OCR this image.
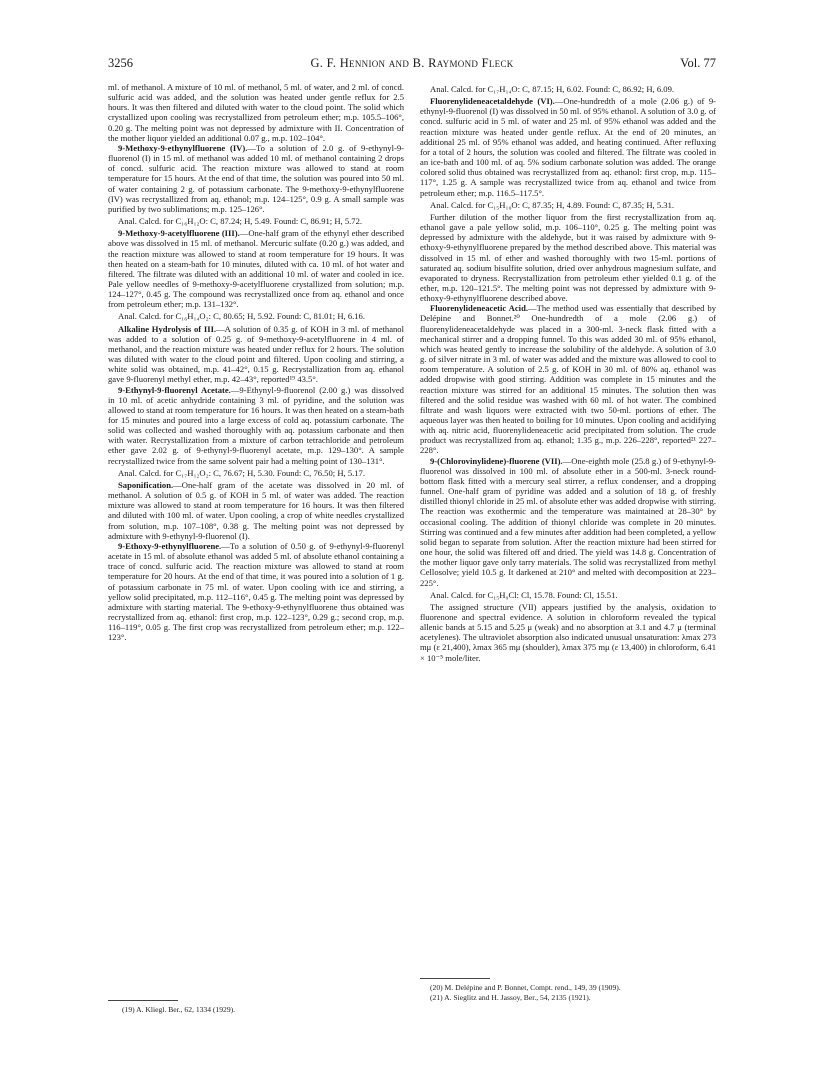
3256	G. F. Hennion and B. Raymond Fleck	Vol. 77

ml. of methanol. A mixture of 10 ml. of methanol, 5 ml. of water, and 2 ml. of concd. sulfuric acid was added, and the solution was heated under gentle reflux for 2.5 hours. It was then filtered and diluted with water to the cloud point. The solid which crystallized upon cooling was recrystallized from petroleum ether; m.p. 105.5–106°, 0.20 g. The melting point was not depressed by admixture with II. Concentration of the mother liquor yielded an additional 0.07 g., m.p. 102–104°.

9-Methoxy-9-ethynylfluorene (IV).—To a solution of 2.0 g. of 9-ethynyl-9-fluorenol (I) in 15 ml. of methanol was added 10 ml. of methanol containing 2 drops of concd. sulfuric acid. The reaction mixture was allowed to stand at room temperature for 15 hours. At the end of that time, the solution was poured into 50 ml. of water containing 2 g. of potassium carbonate. The 9-methoxy-9-ethynylfluorene (IV) was recrystallized from aq. ethanol; m.p. 124–125°, 0.9 g. A small sample was purified by two sublimations; m.p. 125–126°.

Anal. Calcd. for C₁₆H₁₂O: C, 87.24; H, 5.49. Found: C, 86.91; H, 5.72.

9-Methoxy-9-acetylfluorene (III).—One-half gram of the ethynyl ether described above was dissolved in 15 ml. of methanol. Mercuric sulfate (0.20 g.) was added, and the reaction mixture was allowed to stand at room temperature for 19 hours. It was then heated on a steam-bath for 10 minutes, diluted with ca. 10 ml. of hot water and filtered. The filtrate was diluted with an additional 10 ml. of water and cooled in ice. Pale yellow needles of 9-methoxy-9-acetylfluorene crystallized from solution; m.p. 124–127°, 0.45 g. The compound was recrystallized once from aq. ethanol and once from petroleum ether; m.p. 131–132°.

Anal. Calcd. for C₁₆H₁₄O₂: C, 80.65; H, 5.92. Found: C, 81.01; H, 6.16.

Alkaline Hydrolysis of III.—A solution of 0.35 g. of KOH in 3 ml. of methanol was added to a solution of 0.25 g. of 9-methoxy-9-acetylfluorene in 4 ml. of methanol, and the reaction mixture was heated under reflux for 2 hours. The solution was diluted with water to the cloud point and filtered. Upon cooling and stirring, a white solid was obtained, m.p. 41–42°, 0.15 g. Recrystallization from aq. ethanol gave 9-fluorenyl methyl ether, m.p. 42–43°, reported¹⁹ 43.5°.

9-Ethynyl-9-fluorenyl Acetate.—9-Ethynyl-9-fluorenol (2.00 g.) was dissolved in 10 ml. of acetic anhydride containing 3 ml. of pyridine, and the solution was allowed to stand at room temperature for 16 hours. It was then heated on a steam-bath for 15 minutes and poured into a large excess of cold aq. potassium carbonate. The solid was collected and washed thoroughly with aq. potassium carbonate and then with water. Recrystallization from a mixture of carbon tetrachloride and petroleum ether gave 2.02 g. of 9-ethynyl-9-fluorenyl acetate, m.p. 129–130°. A sample recrystallized twice from the same solvent pair had a melting point of 130–131°.

Anal. Calcd. for C₁₇H₁₂O₂: C, 76.67; H, 5.30. Found: C, 76.50; H, 5.17.

Saponification.—One-half gram of the acetate was dissolved in 20 ml. of methanol. A solution of 0.5 g. of KOH in 5 ml. of water was added. The reaction mixture was allowed to stand at room temperature for 16 hours. It was then filtered and diluted with 100 ml. of water. Upon cooling, a crop of white needles crystallized from solution, m.p. 107–108°, 0.38 g. The melting point was not depressed by admixture with 9-ethynyl-9-fluorenol (I).

9-Ethoxy-9-ethynylfluorene.—To a solution of 0.50 g. of 9-ethynyl-9-fluorenyl acetate in 15 ml. of absolute ethanol was added 5 ml. of absolute ethanol containing a trace of concd. sulfuric acid. The reaction mixture was allowed to stand at room temperature for 20 hours. At the end of that time, it was poured into a solution of 1 g. of potassium carbonate in 75 ml. of water. Upon cooling with ice and stirring, a yellow solid precipitated, m.p. 112–116°, 0.45 g. The melting point was depressed by admixture with starting material. The 9-ethoxy-9-ethynylfluorene thus obtained was recrystallized from aq. ethanol: first crop, m.p. 122–123°, 0.29 g.; second crop, m.p. 116–119°, 0.05 g. The first crop was recrystallized from petroleum ether; m.p. 122–123°.

Anal. Calcd. for C₁₇H₁₄O: C, 87.15; H, 6.02. Found: C, 86.92; H, 6.09.

Fluorenylideneacetaldehyde (VI).—One-hundredth of a mole (2.06 g.) of 9-ethynyl-9-fluorenol (I) was dissolved in 50 ml. of 95% ethanol. A solution of 3.0 g. of concd. sulfuric acid in 5 ml. of water and 25 ml. of 95% ethanol was added and the reaction mixture was heated under gentle reflux. At the end of 20 minutes, an additional 25 ml. of 95% ethanol was added, and heating continued. After refluxing for a total of 2 hours, the solution was cooled and filtered. The filtrate was cooled in an ice-bath and 100 ml. of aq. 5% sodium carbonate solution was added. The orange colored solid thus obtained was recrystallized from aq. ethanol: first crop, m.p. 115–117°, 1.25 g. A sample was recrystallized twice from aq. ethanol and twice from petroleum ether; m.p. 116.5–117.5°.

Anal. Calcd. for C₁₅H₁₀O: C, 87.35; H, 4.89. Found: C, 87.35; H, 5.31.

Further dilution of the mother liquor from the first recrystallization from aq. ethanol gave a pale yellow solid, m.p. 106–110°, 0.25 g. The melting point was depressed by admixture with the aldehyde, but it was raised by admixture with 9-ethoxy-9-ethynylfluorene prepared by the method described above. This material was dissolved in 15 ml. of ether and washed thoroughly with two 15-ml. portions of saturated aq. sodium bisulfite solution, dried over anhydrous magnesium sulfate, and evaporated to dryness. Recrystallization from petroleum ether yielded 0.1 g. of the ether, m.p. 120–121.5°. The melting point was not depressed by admixture with 9-ethoxy-9-ethynylfluorene described above.

Fluorenylideneacetic Acid.—The method used was essentially that described by Delépine and Bonnet.²⁰ One-hundredth of a mole (2.06 g.) of fluorenylideneacetaldehyde was placed in a 300-ml. 3-neck flask fitted with a mechanical stirrer and a dropping funnel. To this was added 30 ml. of 95% ethanol, which was heated gently to increase the solubility of the aldehyde. A solution of 3.0 g. of silver nitrate in 3 ml. of water was added and the mixture was allowed to cool to room temperature. A solution of 2.5 g. of KOH in 30 ml. of 80% aq. ethanol was added dropwise with good stirring. Addition was complete in 15 minutes and the reaction mixture was stirred for an additional 15 minutes. The solution then was filtered and the solid residue was washed with 60 ml. of hot water. The combined filtrate and wash liquors were extracted with two 50-ml. portions of ether. The aqueous layer was then heated to boiling for 10 minutes. Upon cooling and acidifying with aq. nitric acid, fluorenylideneacetic acid precipitated from solution. The crude product was recrystallized from aq. ethanol; 1.35 g., m.p. 226–228°, reported²¹ 227–228°.

9-(Chlorovinylidene)-fluorene (VII).—One-eighth mole (25.8 g.) of 9-ethynyl-9-fluorenol was dissolved in 100 ml. of absolute ether in a 500-ml. 3-neck round-bottom flask fitted with a mercury seal stirrer, a reflux condenser, and a dropping funnel. One-half gram of pyridine was added and a solution of 18 g. of freshly distilled thionyl chloride in 25 ml. of absolute ether was added dropwise with stirring. The reaction was exothermic and the temperature was maintained at 28–30° by occasional cooling. The addition of thionyl chloride was complete in 20 minutes. Stirring was continued and a few minutes after addition had been completed, a yellow solid began to separate from solution. After the reaction mixture had been stirred for one hour, the solid was filtered off and dried. The yield was 14.8 g. Concentration of the mother liquor gave only tarry materials. The solid was recrystallized from methyl Cellosolve; yield 10.5 g. It darkened at 210° and melted with decomposition at 223–225°.

Anal. Calcd. for C₁₅H₉Cl: Cl, 15.78. Found: Cl, 15.51.

The assigned structure (VII) appears justified by the analysis, oxidation to fluorenone and spectral evidence. A solution in chloroform revealed the typical allenic bands at 5.15 and 5.25 μ (weak) and no absorption at 3.1 and 4.7 μ (terminal acetylenes). The ultraviolet absorption also indicated unusual unsaturation: λmax 273 mμ (ε 21,400), λmax 365 mμ (shoulder), λmax 375 mμ (ε 13,400) in chloroform, 6.41 × 10⁻⁵ mole/liter.

(19) A. Kliegl. Ber., 62, 1334 (1929).
(20) M. Delépine and P. Bonnet, Compt. rend., 149, 39 (1909).
(21) A. Sieglitz and H. Jassoy, Ber., 54, 2135 (1921).
